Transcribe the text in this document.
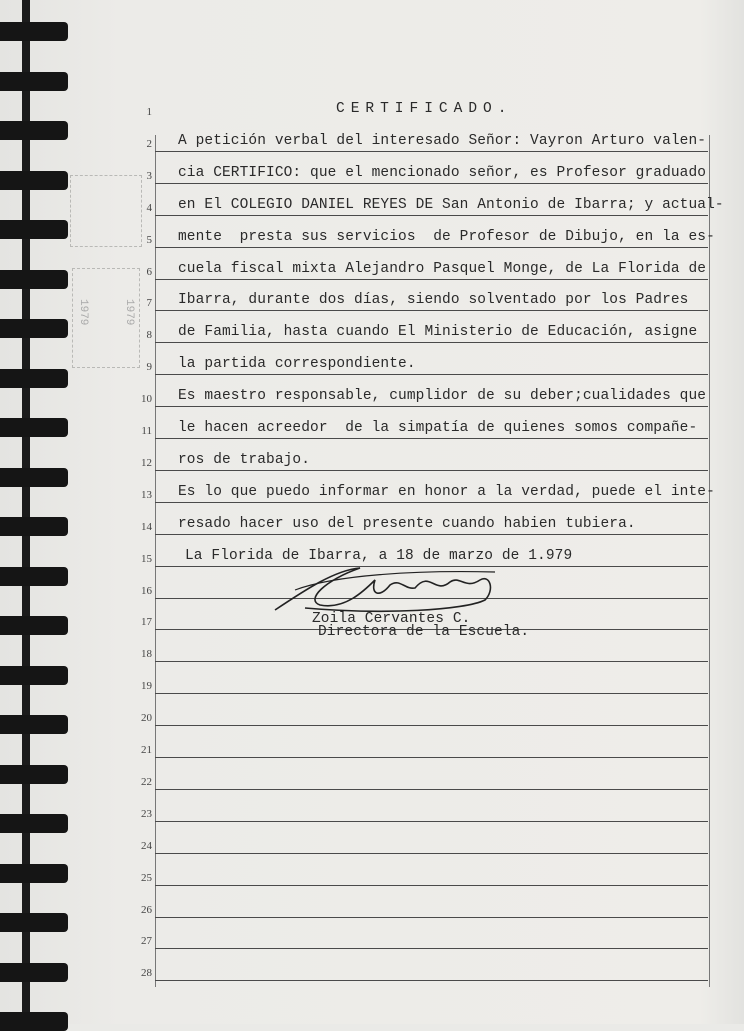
1979	1979
1	CERTIFICADO.
2 A petición verbal del interesado Señor: Vayron Arturo valen-
3 cia CERTIFICO: que el mencionado señor, es Profesor graduado
4 en El COLEGIO DANIEL REYES DE San Antonio de Ibarra; y actual-
5 mente  presta sus servicios  de Profesor de Dibujo, en la es-
6 cuela fiscal mixta Alejandro Pasquel Monge, de La Florida de
7 Ibarra, durante dos días, siendo solventado por los Padres
8 de Familia, hasta cuando El Ministerio de Educación, asigne
9 la partida correspondiente.
10 Es maestro responsable, cumplidor de su deber;cualidades que
11 le hacen acreedor  de la simpatía de quienes somos compañe-
12 ros de trabajo.
13 Es lo que puedo informar en honor a la verdad, puede el inte-
14 resado hacer uso del presente cuando habien tubiera.
15 La Florida de Ibarra, a 18 de marzo de 1.979
16
17	Zoila Cervantes C.
18
Directora de la Escuela.
19
20
21
22
23
24
25
26
27
28
